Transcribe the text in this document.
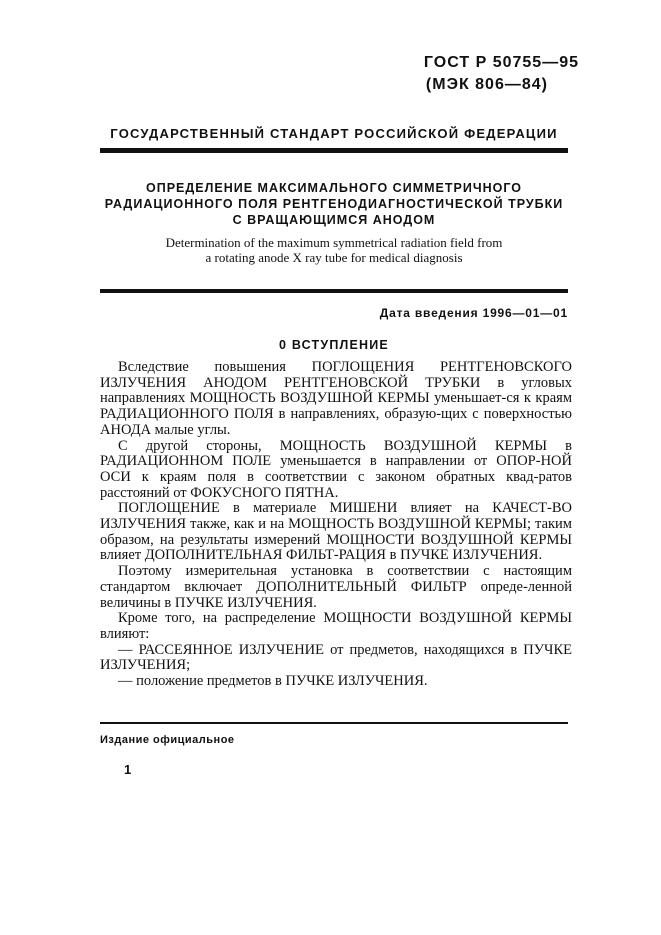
ГОСТ Р 50755—95
(МЭК 806—84)
ГОСУДАРСТВЕННЫЙ СТАНДАРТ РОССИЙСКОЙ ФЕДЕРАЦИИ
ОПРЕДЕЛЕНИЕ МАКСИМАЛЬНОГО СИММЕТРИЧНОГО
РАДИАЦИОННОГО ПОЛЯ РЕНТГЕНОДИАГНОСТИЧЕСКОЙ ТРУБКИ
С ВРАЩАЮЩИМСЯ АНОДОМ
Determination of the maximum symmetrical radiation field from
a rotating anode X ray tube for medical diagnosis
Дата введения 1996—01—01
0 ВСТУПЛЕНИЕ

Вследствие повышения ПОГЛОЩЕНИЯ РЕНТГЕНОВСКОГО ИЗЛУЧЕНИЯ АНОДОМ РЕНТГЕНОВСКОЙ ТРУБКИ в угловых направлениях МОЩНОСТЬ ВОЗДУШНОЙ КЕРМЫ уменьшает-ся к краям РАДИАЦИОННОГО ПОЛЯ в направлениях, образую-щих с поверхностью АНОДА малые углы.

С другой стороны, МОЩНОСТЬ ВОЗДУШНОЙ КЕРМЫ в РАДИАЦИОННОМ ПОЛЕ уменьшается в направлении от ОПОР-НОЙ ОСИ к краям поля в соответствии с законом обратных квад-ратов расстояний от ФОКУСНОГО ПЯТНА.

ПОГЛОЩЕНИЕ в материале МИШЕНИ влияет на КАЧЕСТ-ВО ИЗЛУЧЕНИЯ также, как и на МОЩНОСТЬ ВОЗДУШНОЙ КЕРМЫ; таким образом, на результаты измерений МОЩНОСТИ ВОЗДУШНОЙ КЕРМЫ влияет ДОПОЛНИТЕЛЬНАЯ ФИЛЬТ-РАЦИЯ в ПУЧКЕ ИЗЛУЧЕНИЯ.

Поэтому измерительная установка в соответствии с настоящим стандартом включает ДОПОЛНИТЕЛЬНЫЙ ФИЛЬТР опреде-ленной величины в ПУЧКЕ ИЗЛУЧЕНИЯ.

Кроме того, на распределение МОЩНОСТИ ВОЗДУШНОЙ КЕРМЫ влияют:

— РАССЕЯННОЕ ИЗЛУЧЕНИЕ от предметов, находящихся в ПУЧКЕ ИЗЛУЧЕНИЯ;

— положение предметов в ПУЧКЕ ИЗЛУЧЕНИЯ.

Издание официальное
1
